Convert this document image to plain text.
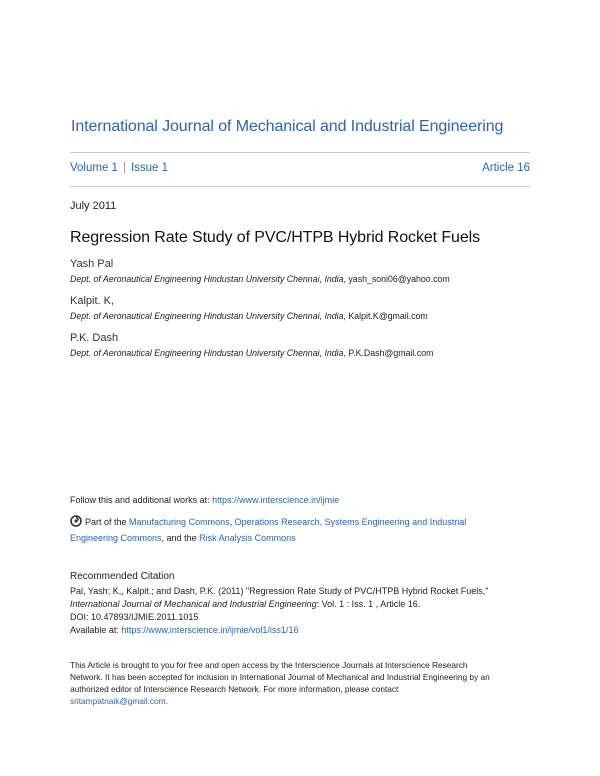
International Journal of Mechanical and Industrial Engineering
Volume 1 | Issue 1	Article 16
July 2011
Regression Rate Study of PVC/HTPB Hybrid Rocket Fuels
Yash Pal
Dept. of Aeronautical Engineering Hindustan University Chennai, India, yash_soni06@yahoo.com
Kalpit. K,
Dept. of Aeronautical Engineering Hindustan University Chennai, India, Kalpit.K@gmail.com
P.K. Dash
Dept. of Aeronautical Engineering Hindustan University Chennai, India, P.K.Dash@gmail.com
Follow this and additional works at: https://www.interscience.in/ijmie
Part of the Manufacturing Commons, Operations Research, Systems Engineering and Industrial
Engineering Commons, and the Risk Analysis Commons
Recommended Citation
Pal, Yash; K,, Kalpit.; and Dash, P.K. (2011) "Regression Rate Study of PVC/HTPB Hybrid Rocket Fuels,"
International Journal of Mechanical and Industrial Engineering: Vol. 1 : Iss. 1 , Article 16.
DOI: 10.47893/IJMIE.2011.1015
Available at: https://www.interscience.in/ijmie/vol1/iss1/16
This Article is brought to you for free and open access by the Interscience Journals at Interscience Research
Network. It has been accepted for inclusion in International Journal of Mechanical and Industrial Engineering by an
authorized editor of Interscience Research Network. For more information, please contact
sritampatnaik@gmail.com.
